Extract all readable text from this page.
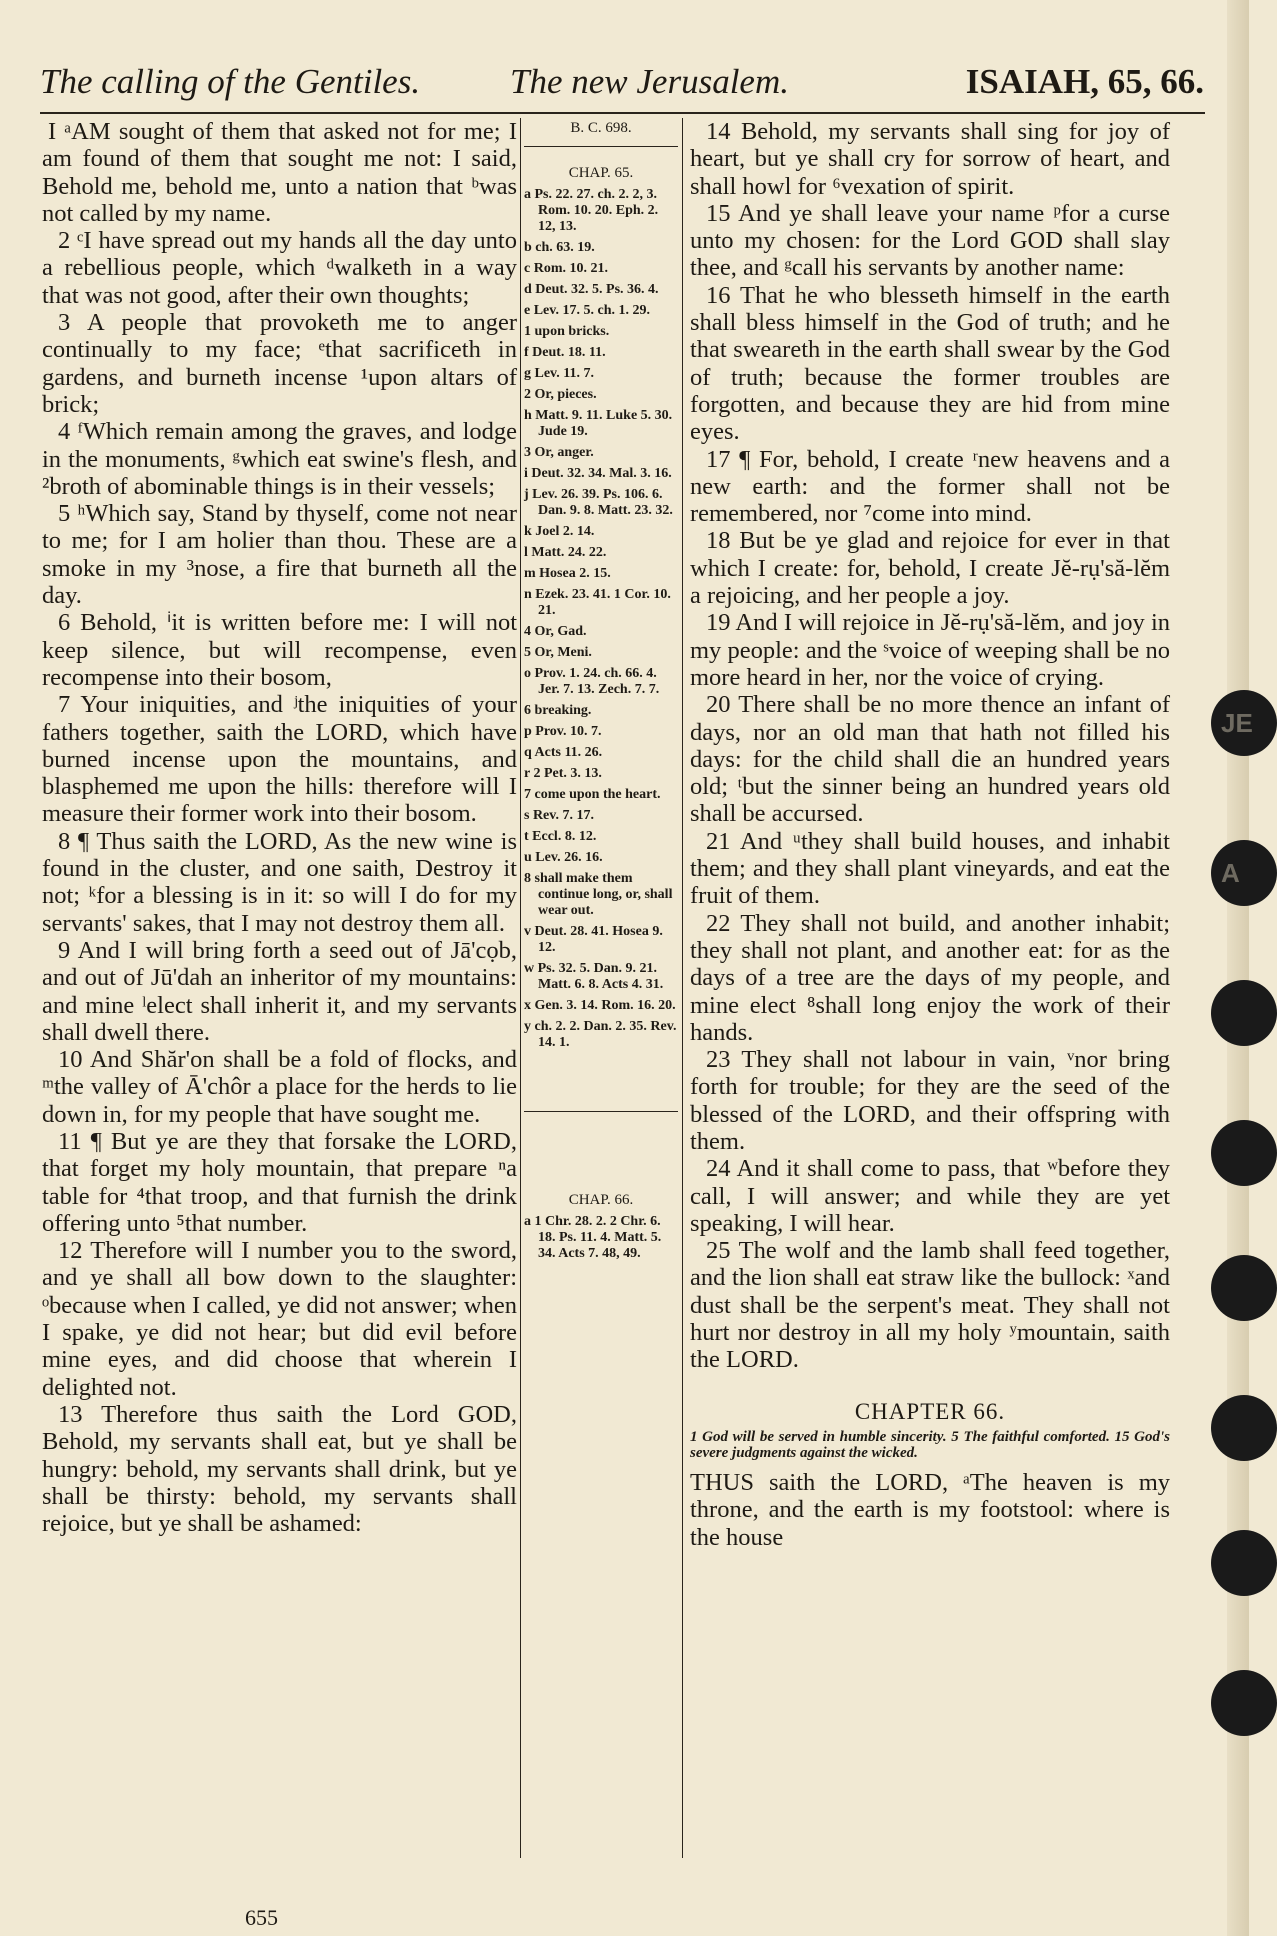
JE
A
The calling of the Gentiles.	The new Jerusalem.	ISAIAH, 65, 66.

I ᵃAM sought of them that asked not for me; I am found of them that sought me not: I said, Behold me, behold me, unto a nation that ᵇwas not called by my name.

2 ᶜI have spread out my hands all the day unto a rebellious people, which ᵈwalketh in a way that was not good, after their own thoughts;

3 A people that provoketh me to anger continually to my face; ᵉthat sacrificeth in gardens, and burneth incense ¹upon altars of brick;

4 ᶠWhich remain among the graves, and lodge in the monuments, ᵍwhich eat swine's flesh, and ²broth of abominable things is in their vessels;

5 ʰWhich say, Stand by thyself, come not near to me; for I am holier than thou. These are a smoke in my ³nose, a fire that burneth all the day.

6 Behold, ⁱit is written before me: I will not keep silence, but will recompense, even recompense into their bosom,

7 Your iniquities, and ʲthe iniquities of your fathers together, saith the LORD, which have burned incense upon the mountains, and blasphemed me upon the hills: therefore will I measure their former work into their bosom.

8 ¶ Thus saith the LORD, As the new wine is found in the cluster, and one saith, Destroy it not; ᵏfor a blessing is in it: so will I do for my servants' sakes, that I may not destroy them all.

9 And I will bring forth a seed out of Jā'cọb, and out of Jū'dah an inheritor of my mountains: and mine ˡelect shall inherit it, and my servants shall dwell there.

10 And Shăr'on shall be a fold of flocks, and ᵐthe valley of Ā'chôr a place for the herds to lie down in, for my people that have sought me.

11 ¶ But ye are they that forsake the LORD, that forget my holy mountain, that prepare ⁿa table for ⁴that troop, and that furnish the drink offering unto ⁵that number.

12 Therefore will I number you to the sword, and ye shall all bow down to the slaughter: ᵒbecause when I called, ye did not answer; when I spake, ye did not hear; but did evil before mine eyes, and did choose that wherein I delighted not.

13 Therefore thus saith the Lord GOD, Behold, my servants shall eat, but ye shall be hungry: behold, my servants shall drink, but ye shall be thirsty: behold, my servants shall rejoice, but ye shall be ashamed:

B. C. 698.
CHAP. 65.
a Ps. 22. 27. ch. 2. 2, 3. Rom. 10. 20. Eph. 2. 12, 13.
b ch. 63. 19.
c Rom. 10. 21.
d Deut. 32. 5. Ps. 36. 4.
e Lev. 17. 5. ch. 1. 29.
1 upon bricks.
f Deut. 18. 11.
g Lev. 11. 7.
2 Or, pieces.
h Matt. 9. 11. Luke 5. 30. Jude 19.
3 Or, anger.
i Deut. 32. 34. Mal. 3. 16.
j Lev. 26. 39. Ps. 106. 6. Dan. 9. 8. Matt. 23. 32.
k Joel 2. 14.
l Matt. 24. 22.
m Hosea 2. 15.
n Ezek. 23. 41. 1 Cor. 10. 21.
4 Or, Gad.
5 Or, Meni.
o Prov. 1. 24. ch. 66. 4. Jer. 7. 13. Zech. 7. 7.
6 breaking.
p Prov. 10. 7.
q Acts 11. 26.
r 2 Pet. 3. 13.
7 come upon the heart.
s Rev. 7. 17.
t Eccl. 8. 12.
u Lev. 26. 16.
8 shall make them continue long, or, shall wear out.
v Deut. 28. 41. Hosea 9. 12.
w Ps. 32. 5. Dan. 9. 21. Matt. 6. 8. Acts 4. 31.
x Gen. 3. 14. Rom. 16. 20.
y ch. 2. 2. Dan. 2. 35. Rev. 14. 1.
CHAP. 66.
a 1 Chr. 28. 2. 2 Chr. 6. 18. Ps. 11. 4. Matt. 5. 34. Acts 7. 48, 49.

14 Behold, my servants shall sing for joy of heart, but ye shall cry for sorrow of heart, and shall howl for ⁶vexation of spirit.

15 And ye shall leave your name ᵖfor a curse unto my chosen: for the Lord GOD shall slay thee, and ᵍcall his servants by another name:

16 That he who blesseth himself in the earth shall bless himself in the God of truth; and he that sweareth in the earth shall swear by the God of truth; because the former troubles are forgotten, and because they are hid from mine eyes.

17 ¶ For, behold, I create ʳnew heavens and a new earth: and the former shall not be remembered, nor ⁷come into mind.

18 But be ye glad and rejoice for ever in that which I create: for, behold, I create Jĕ-rụ'să-lĕm a rejoicing, and her people a joy.

19 And I will rejoice in Jĕ-rụ'să-lĕm, and joy in my people: and the ˢvoice of weeping shall be no more heard in her, nor the voice of crying.

20 There shall be no more thence an infant of days, nor an old man that hath not filled his days: for the child shall die an hundred years old; ᵗbut the sinner being an hundred years old shall be accursed.

21 And ᵘthey shall build houses, and inhabit them; and they shall plant vineyards, and eat the fruit of them.

22 They shall not build, and another inhabit; they shall not plant, and another eat: for as the days of a tree are the days of my people, and mine elect ⁸shall long enjoy the work of their hands.

23 They shall not labour in vain, ᵛnor bring forth for trouble; for they are the seed of the blessed of the LORD, and their offspring with them.

24 And it shall come to pass, that ʷbefore they call, I will answer; and while they are yet speaking, I will hear.

25 The wolf and the lamb shall feed together, and the lion shall eat straw like the bullock: ˣand dust shall be the serpent's meat. They shall not hurt nor destroy in all my holy ʸmountain, saith the LORD.

CHAPTER 66.
1 God will be served in humble sincerity. 5 The faithful comforted. 15 God's severe judgments against the wicked.

THUS saith the LORD, ᵃThe heaven is my throne, and the earth is my footstool: where is the house

655
